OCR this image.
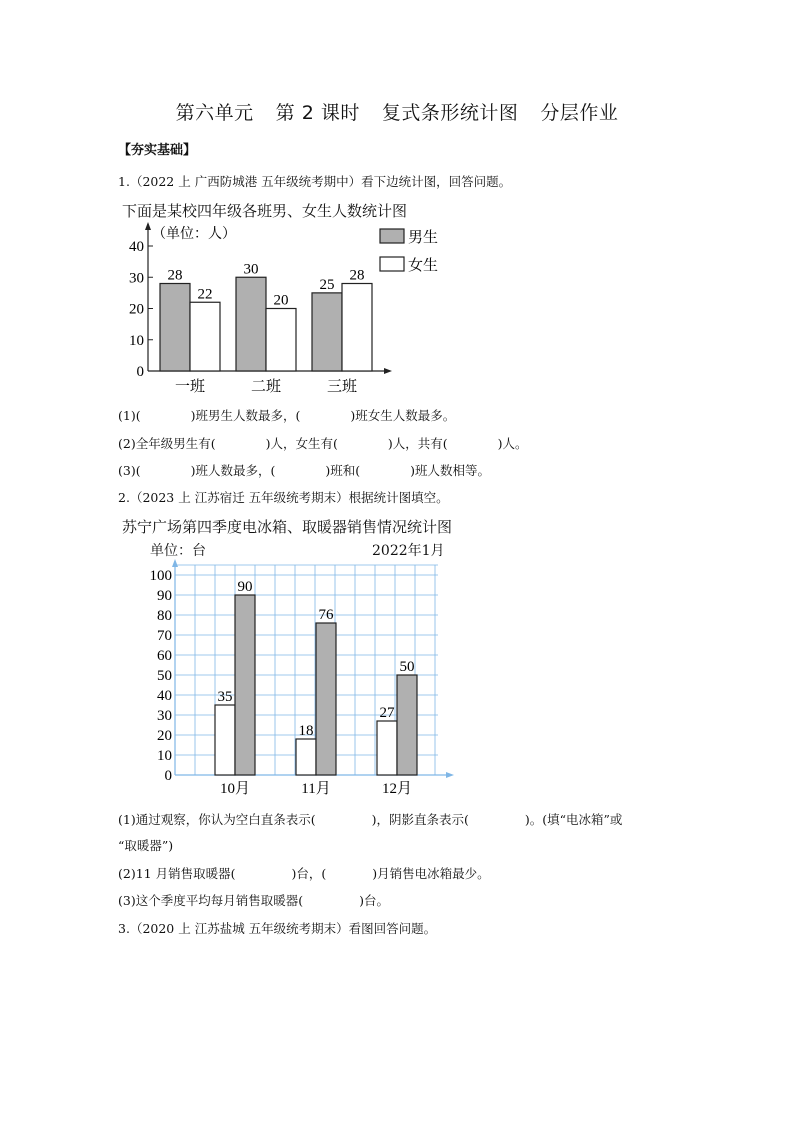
第六单元 第 2 课时 复式条形统计图 分层作业
【夯实基础】
1.（2022 上 广西防城港 五年级统考期中）看下边统计图，回答问题。
下面是某校四年级各班男、女生人数统计图
0
10
20
30
40
（单位：人）
28
22
一班
30
20
二班
25
28
三班
男生
女生
(1)(	)班男生人数最多，(	)班女生人数最多。
(2)全年级男生有(	)人，女生有(	)人，共有(	)人。
(3)(	)班人数最多，(	)班和(	)班人数相等。
2.（2023 上 江苏宿迁 五年级统考期末）根据统计图填空。
苏宁广场第四季度电冰箱、取暖器销售情况统计图
单位：台	2022年1月
0
10
20
30
40
50
60
70
80
90
100
35
90
10月
18
76
11月
27
50
12月
(1)通过观察，你认为空白直条表示(	)，阴影直条表示(	)。(填“电冰箱”或
“取暖器”)
(2)11 月销售取暖器(	)台，(	)月销售电冰箱最少。
(3)这个季度平均每月销售取暖器(	)台。
3.（2020 上 江苏盐城 五年级统考期末）看图回答问题。
